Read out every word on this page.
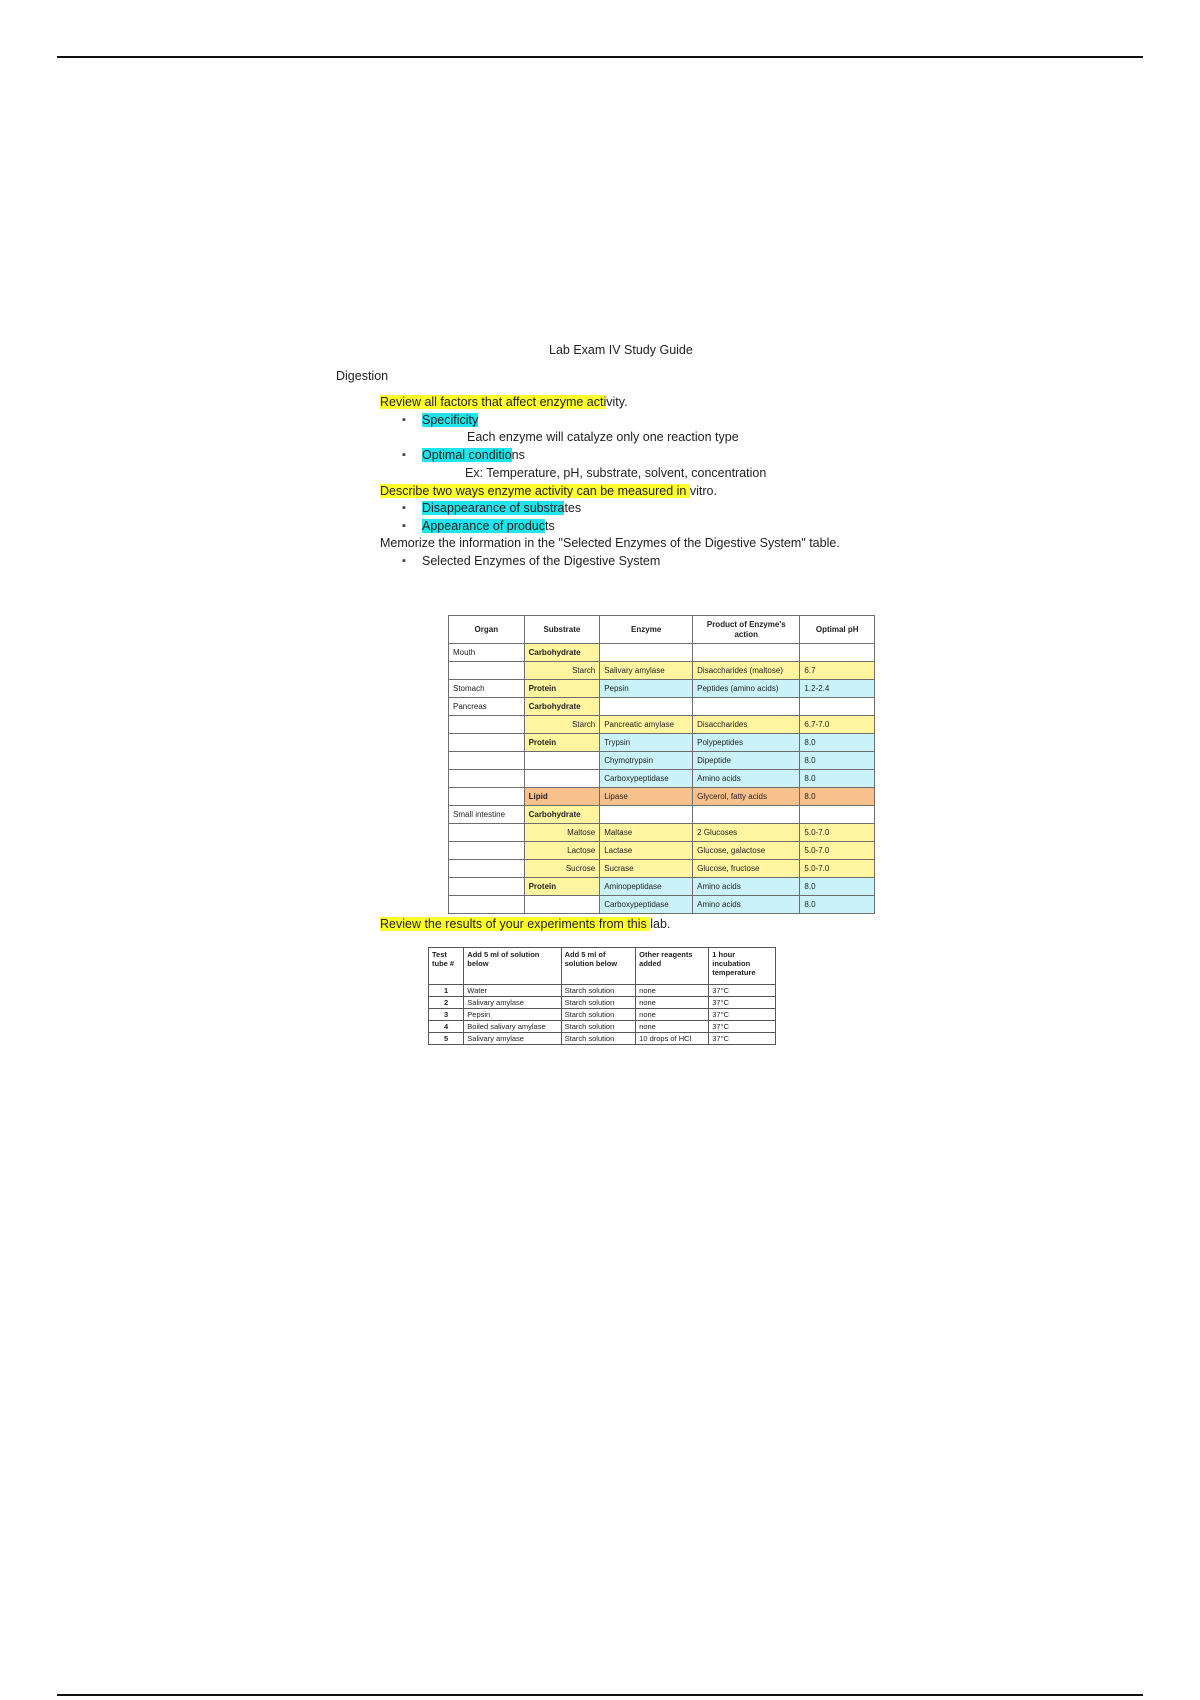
Lab Exam IV Study Guide
Digestion
Review all factors that affect enzyme activity.
▪ Specificity
Each enzyme will catalyze only one reaction type
▪ Optimal conditions
Ex: Temperature, pH, substrate, solvent, concentration
Describe two ways enzyme activity can be measured in vitro.
▪ Disappearance of substrates
▪ Appearance of products
Memorize the information in the "Selected Enzymes of the Digestive System" table.
▪ Selected Enzymes of the Digestive System
Organ	Substrate	Enzyme	Product of Enzyme's action	Optimal pH
Mouth	Carbohydrate			
	Starch	Salivary amylase	Disaccharides (maltose)	6.7
Stomach	Protein	Pepsin	Peptides (amino acids)	1.2-2.4
Pancreas	Carbohydrate			
	Starch	Pancreatic amylase	Disaccharides	6.7-7.0
	Protein	Trypsin	Polypeptides	8.0
		Chymotrypsin	Dipeptide	8.0
		Carboxypeptidase	Amino acids	8.0
	Lipid	Lipase	Glycerol, fatty acids	8.0
Small intestine	Carbohydrate			
	Maltose	Maltase	2 Glucoses	5.0-7.0
	Lactose	Lactase	Glucose, galactose	5.0-7.0
	Sucrose	Sucrase	Glucose, fructose	5.0-7.0
	Protein	Aminopeptidase	Amino acids	8.0
		Carboxypeptidase	Amino acids	8.0
Review the results of your experiments from this lab.
Test tube #	Add 5 ml of solution below	Add 5 ml of solution below	Other reagents added	1 hour incubation temperature
1	Water	Starch solution	none	37°C
2	Salivary amylase	Starch solution	none	37°C
3	Pepsin	Starch solution	none	37°C
4	Boiled salivary amylase	Starch solution	none	37°C
5	Salivary amylase	Starch solution	10 drops of HCl	37°C
